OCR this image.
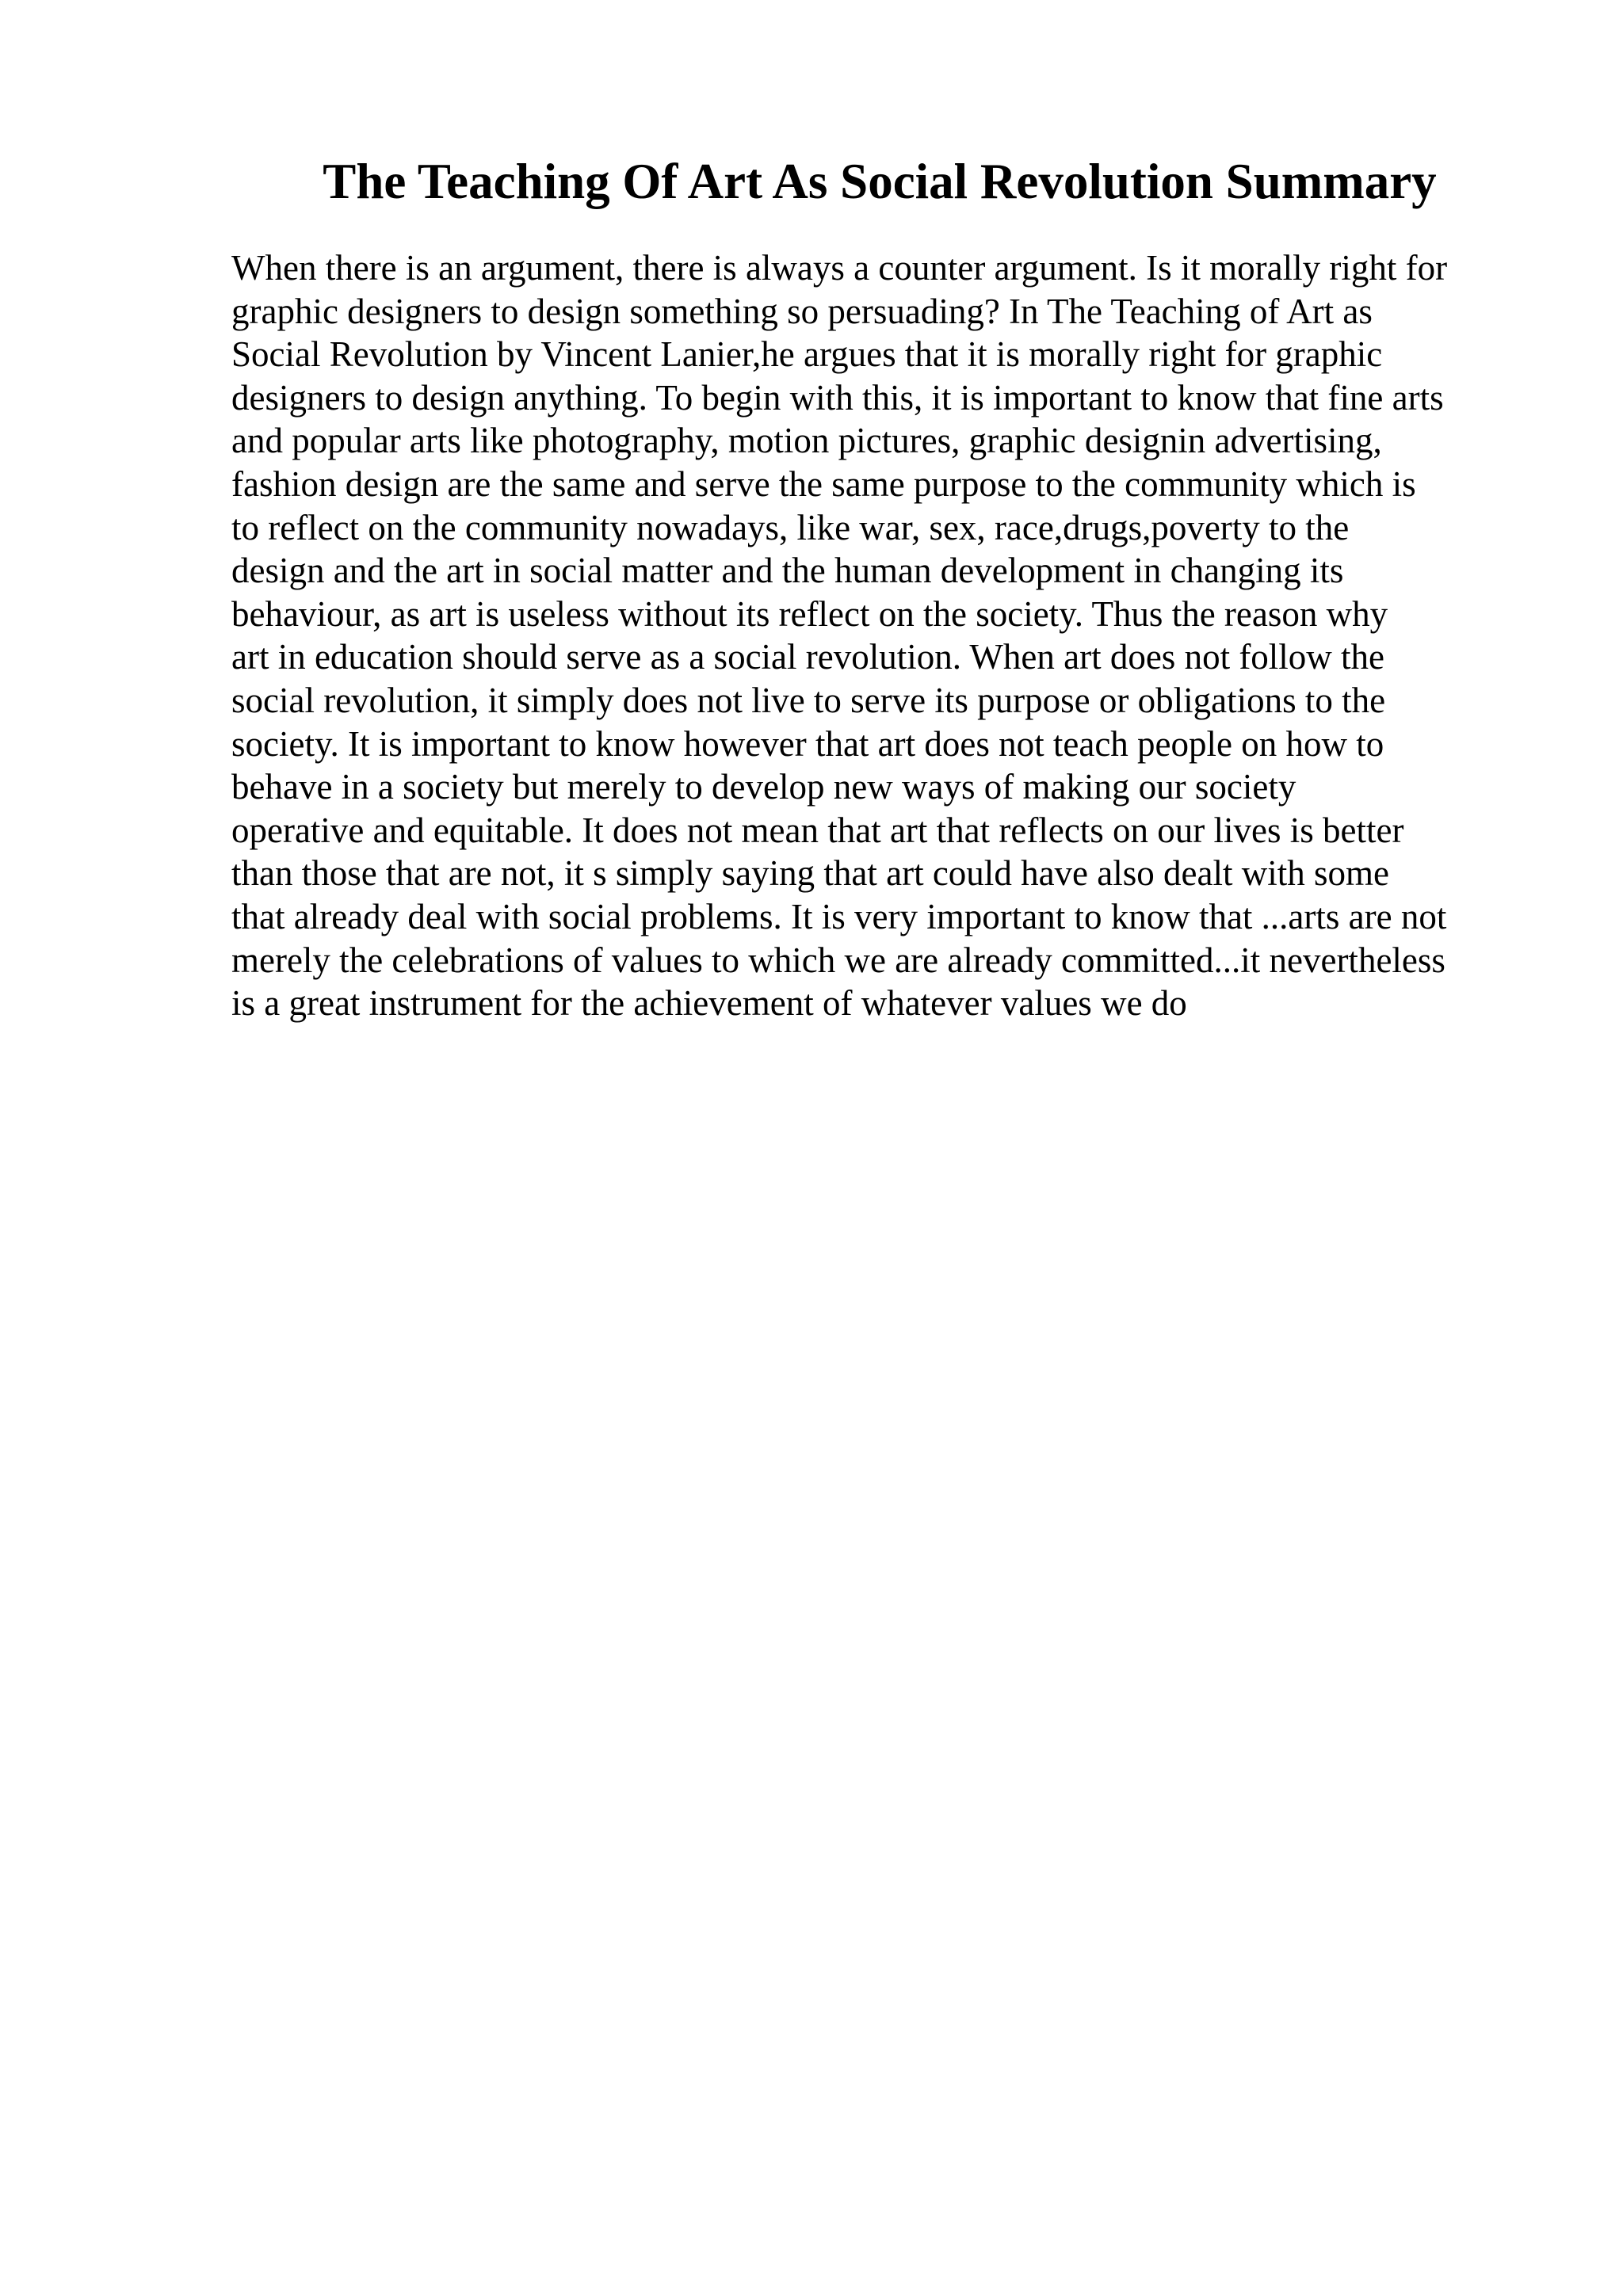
The Teaching Of Art As Social Revolution Summary
When there is an argument, there is always a counter argument. Is it morally right for
graphic designers to design something so persuading? In The Teaching of Art as
Social Revolution by Vincent Lanier,he argues that it is morally right for graphic
designers to design anything. To begin with this, it is important to know that fine arts
and popular arts like photography, motion pictures, graphic designin advertising,
fashion design are the same and serve the same purpose to the community which is
to reflect on the community nowadays, like war, sex, race,drugs,poverty to the
design and the art in social matter and the human development in changing its
behaviour, as art is useless without its reflect on the society. Thus the reason why
art in education should serve as a social revolution. When art does not follow the
social revolution, it simply does not live to serve its purpose or obligations to the
society. It is important to know however that art does not teach people on how to
behave in a society but merely to develop new ways of making our society
operative and equitable. It does not mean that art that reflects on our lives is better
than those that are not, it s simply saying that art could have also dealt with some
that already deal with social problems. It is very important to know that ...arts are not
merely the celebrations of values to which we are already committed...it nevertheless
is a great instrument for the achievement of whatever values we do
